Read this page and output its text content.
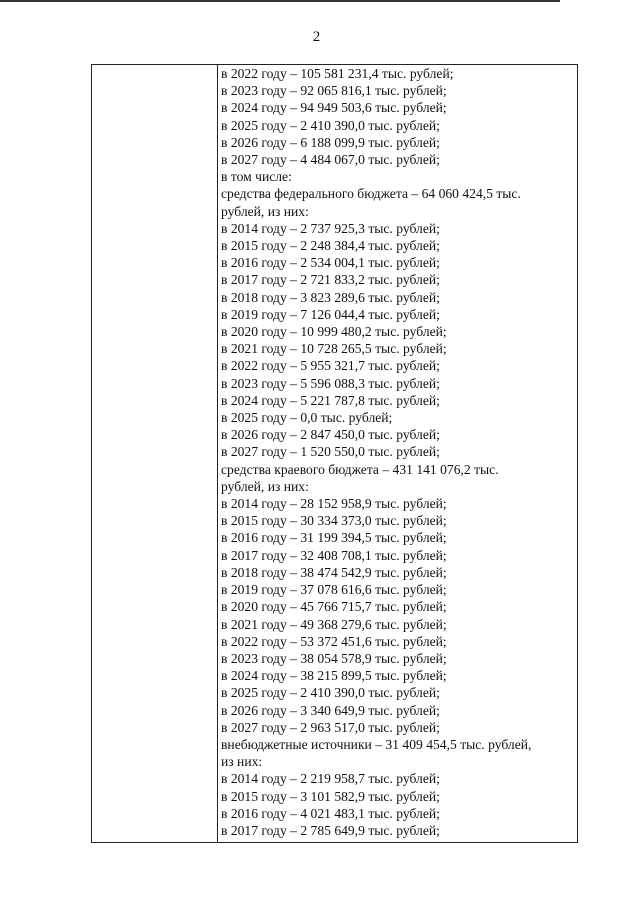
2
в 2022 году – 105 581 231,4 тыс. рублей;
в 2023 году – 92 065 816,1 тыс. рублей;
в 2024 году – 94 949 503,6 тыс. рублей;
в 2025 году – 2 410 390,0 тыс. рублей;
в 2026 году – 6 188 099,9 тыс. рублей;
в 2027 году – 4 484 067,0 тыс. рублей;
в том числе:
средства федерального бюджета – 64 060 424,5 тыс.
рублей, из них:
в 2014 году – 2 737 925,3 тыс. рублей;
в 2015 году – 2 248 384,4 тыс. рублей;
в 2016 году – 2 534 004,1 тыс. рублей;
в 2017 году – 2 721 833,2 тыс. рублей;
в 2018 году – 3 823 289,6 тыс. рублей;
в 2019 году – 7 126 044,4 тыс. рублей;
в 2020 году – 10 999 480,2 тыс. рублей;
в 2021 году – 10 728 265,5 тыс. рублей;
в 2022 году – 5 955 321,7 тыс. рублей;
в 2023 году – 5 596 088,3 тыс. рублей;
в 2024 году – 5 221 787,8 тыс. рублей;
в 2025 году – 0,0 тыс. рублей;
в 2026 году – 2 847 450,0 тыс. рублей;
в 2027 году – 1 520 550,0 тыс. рублей;
средства краевого бюджета – 431 141 076,2 тыс.
рублей, из них:
в 2014 году – 28 152 958,9 тыс. рублей;
в 2015 году – 30 334 373,0 тыс. рублей;
в 2016 году – 31 199 394,5 тыс. рублей;
в 2017 году – 32 408 708,1 тыс. рублей;
в 2018 году – 38 474 542,9 тыс. рублей;
в 2019 году – 37 078 616,6 тыс. рублей;
в 2020 году – 45 766 715,7 тыс. рублей;
в 2021 году – 49 368 279,6 тыс. рублей;
в 2022 году – 53 372 451,6 тыс. рублей;
в 2023 году – 38 054 578,9 тыс. рублей;
в 2024 году – 38 215 899,5 тыс. рублей;
в 2025 году – 2 410 390,0 тыс. рублей;
в 2026 году – 3 340 649,9 тыс. рублей;
в 2027 году – 2 963 517,0 тыс. рублей;
внебюджетные источники – 31 409 454,5 тыс. рублей,
из них:
в 2014 году – 2 219 958,7 тыс. рублей;
в 2015 году – 3 101 582,9 тыс. рублей;
в 2016 году – 4 021 483,1 тыс. рублей;
в 2017 году – 2 785 649,9 тыс. рублей;
